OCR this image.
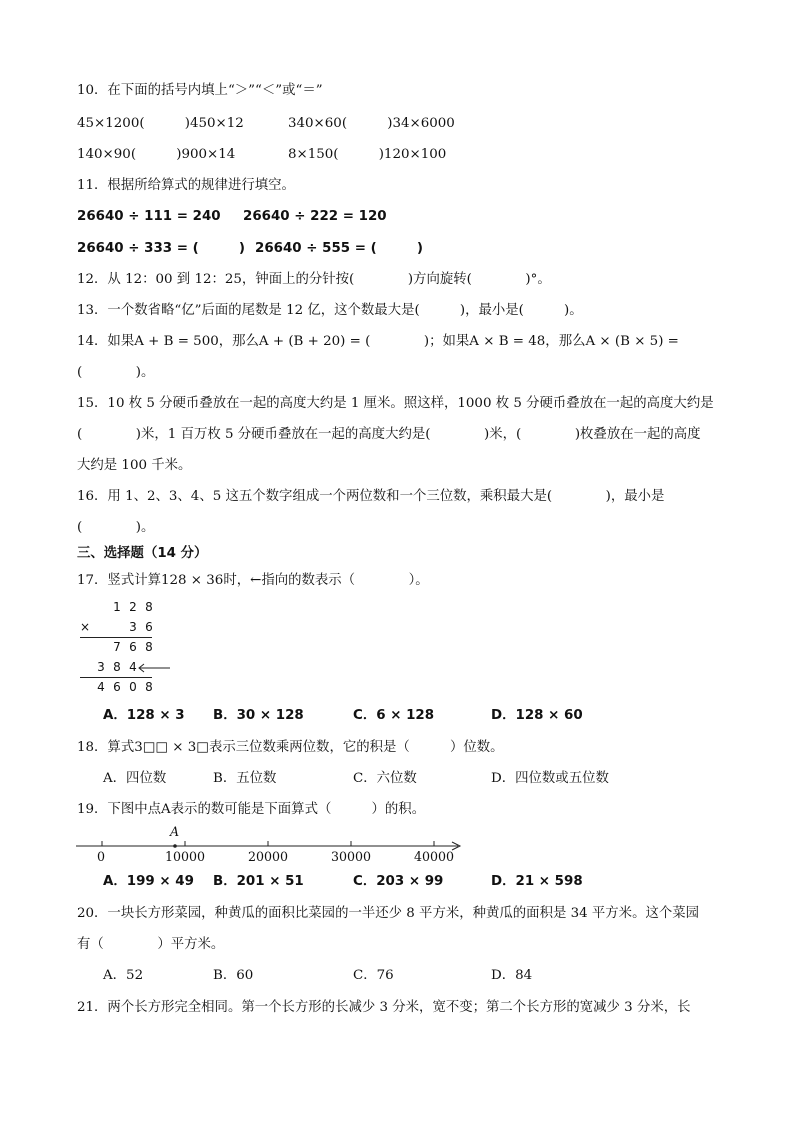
10．在下面的括号内填上“＞”“＜”或“＝”
45×1200(　　　)450×12	340×60(　　　)34×6000
140×90(　　　)900×14	8×150(　　　)120×100
11．根据所给算式的规律进行填空。
26640 ÷ 111 = 240 26640 ÷ 222 = 120
26640 ÷ 333 = (　　　) 26640 ÷ 555 = (　　　)
12．从 12：00 到 12：25，钟面上的分针按(　　　　)方向旋转(　　　　)°。
13．一个数省略“亿”后面的尾数是 12 亿，这个数最大是(　　　)，最小是(　　　)。
14．如果A + B = 500，那么A + (B + 20) = (　　　　)；如果A × B = 48，那么A × (B × 5) =
(　　　　)。
15．10 枚 5 分硬币叠放在一起的高度大约是 1 厘米。照这样，1000 枚 5 分硬币叠放在一起的高度大约是
(　　　　)米，1 百万枚 5 分硬币叠放在一起的高度大约是(　　　　)米，(　　　　)枚叠放在一起的高度
大约是 100 千米。
16．用 1、2、3、4、5 这五个数字组成一个两位数和一个三位数，乘积最大是(　　　　)，最小是
(　　　　)。
三、选择题（14 分）
17．竖式计算128 × 36时，←指向的数表示（　　　　）。
1 2 8
×	3 6
7 6 8
3 8 4
4 6 0 8
A．128 × 3 B．30 × 128	C．6 × 128	D．128 × 60
18．算式3□□ × 3□表示三位数乘两位数，它的积是（　　　）位数。
A．四位数	B．五位数	C．六位数	D．四位数或五位数
19．下图中点A表示的数可能是下面算式（　　　）的积。
A
0	10000	20000	30000	40000
A．199 × 49 B．201 × 51	C．203 × 99	D．21 × 598
20．一块长方形菜园，种黄瓜的面积比菜园的一半还少 8 平方米，种黄瓜的面积是 34 平方米。这个菜园
有（　　　　）平方米。
A．52	B．60	C．76	D．84
21．两个长方形完全相同。第一个长方形的长减少 3 分米，宽不变；第二个长方形的宽减少 3 分米，长
